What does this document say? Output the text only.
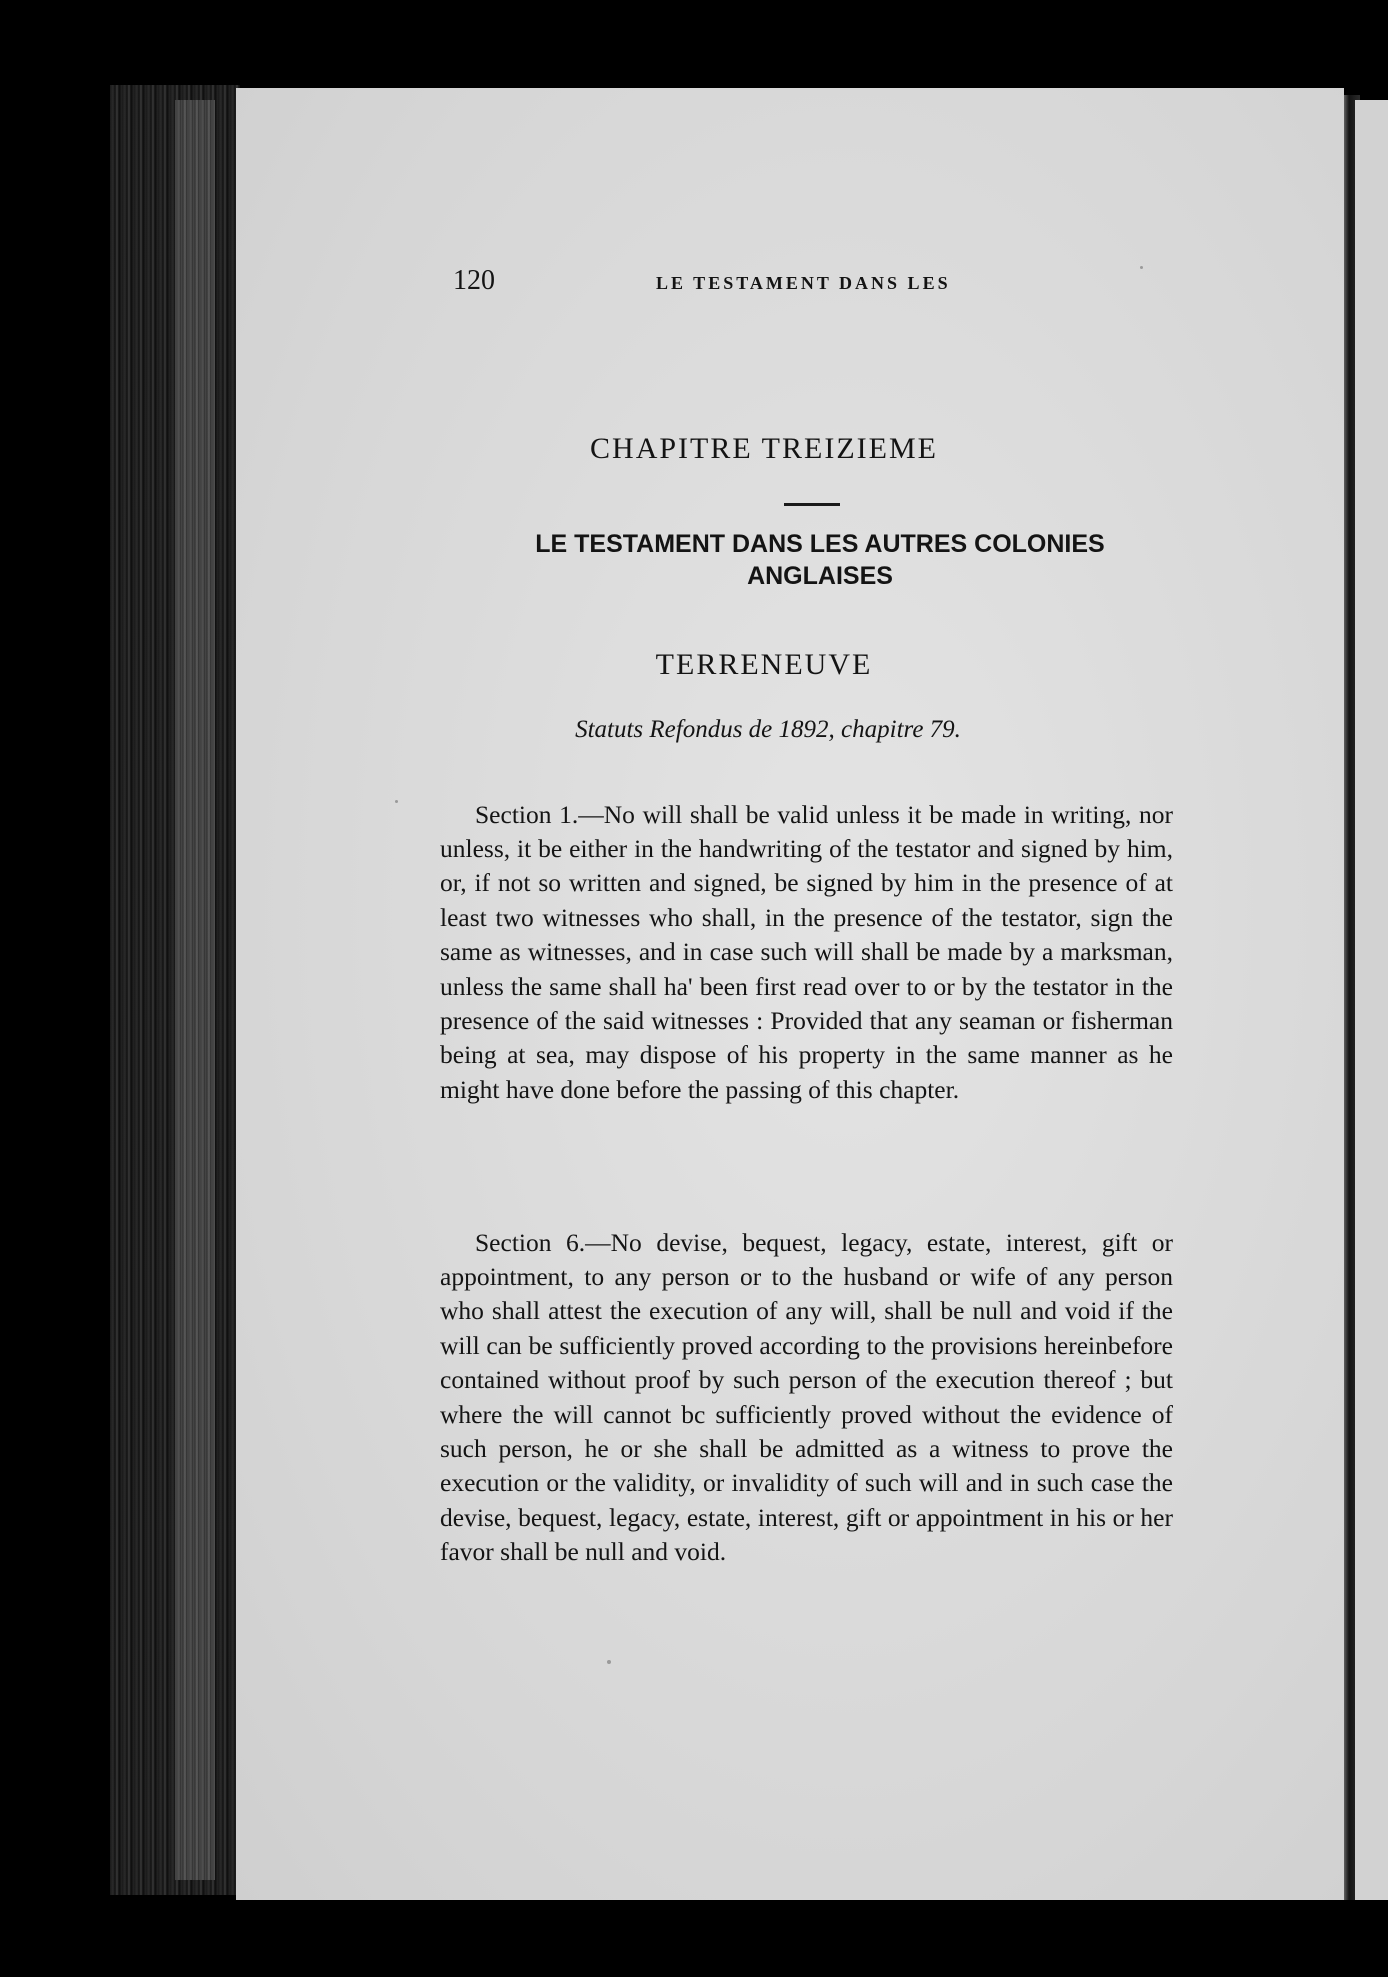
120	LE TESTAMENT DANS LES
CHAPITRE TREIZIEME
LE TESTAMENT DANS LES AUTRES COLONIES ANGLAISES
TERRENEUVE
Statuts Refondus de 1892, chapitre 79.

Section 1.—No will shall be valid unless it be made in writing, nor unless, it be either in the handwriting of the testator and signed by him, or, if not so written and signed, be signed by him in the presence of at least two witnesses who shall, in the presence of the testator, sign the same as witnesses, and in case such will shall be made by a marksman, unless the same shall ha' been first read over to or by the testator in the presence of the said witnesses : Provided that any seaman or fisherman being at sea, may dispose of his property in the same manner as he might have done before the passing of this chapter.

Section 6.—No devise, bequest, legacy, estate, interest, gift or appointment, to any person or to the husband or wife of any person who shall attest the execution of any will, shall be null and void if the will can be sufficiently proved according to the provisions hereinbefore contained without proof by such person of the execution thereof ; but where the will cannot bc sufficiently proved without the evidence of such person, he or she shall be admitted as a witness to prove the execution or the validity, or invalidity of such will and in such case the devise, bequest, legacy, estate, interest, gift or appointment in his or her favor shall be null and void.
